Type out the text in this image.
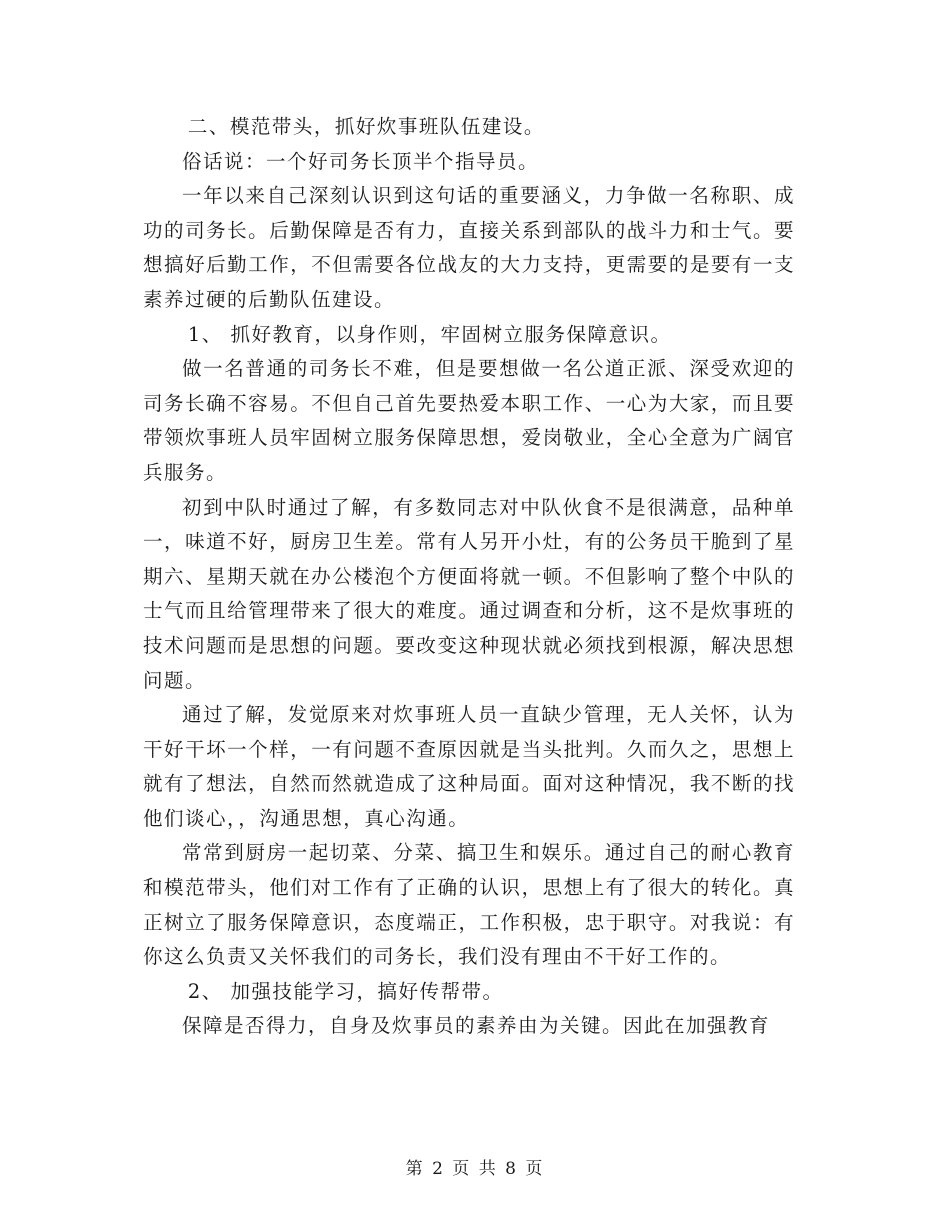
二、模范带头，抓好炊事班队伍建设。

俗话说：一个好司务长顶半个指导员。

一年以来自己深刻认识到这句话的重要涵义，力争做一名称职、成功的司务长。后勤保障是否有力，直接关系到部队的战斗力和士气。要想搞好后勤工作，不但需要各位战友的大力支持，更需要的是要有一支素养过硬的后勤队伍建设。

1、 抓好教育，以身作则，牢固树立服务保障意识。

做一名普通的司务长不难，但是要想做一名公道正派、深受欢迎的司务长确不容易。不但自己首先要热爱本职工作、一心为大家，而且要带领炊事班人员牢固树立服务保障思想，爱岗敬业，全心全意为广阔官兵服务。

初到中队时通过了解，有多数同志对中队伙食不是很满意，品种单一，味道不好，厨房卫生差。常有人另开小灶，有的公务员干脆到了星期六、星期天就在办公楼泡个方便面将就一顿。不但影响了整个中队的士气而且给管理带来了很大的难度。通过调查和分析，这不是炊事班的技术问题而是思想的问题。要改变这种现状就必须找到根源，解决思想问题。

通过了解，发觉原来对炊事班人员一直缺少管理，无人关怀，认为干好干坏一个样，一有问题不查原因就是当头批判。久而久之，思想上就有了想法，自然而然就造成了这种局面。面对这种情况，我不断的找他们谈心，，沟通思想，真心沟通。

常常到厨房一起切菜、分菜、搞卫生和娱乐。通过自己的耐心教育和模范带头，他们对工作有了正确的认识，思想上有了很大的转化。真正树立了服务保障意识，态度端正，工作积极，忠于职守。对我说：有你这么负责又关怀我们的司务长，我们没有理由不干好工作的。

2、 加强技能学习，搞好传帮带。

保障是否得力，自身及炊事员的素养由为关键。因此在加强教育

第 2 页 共 8 页
